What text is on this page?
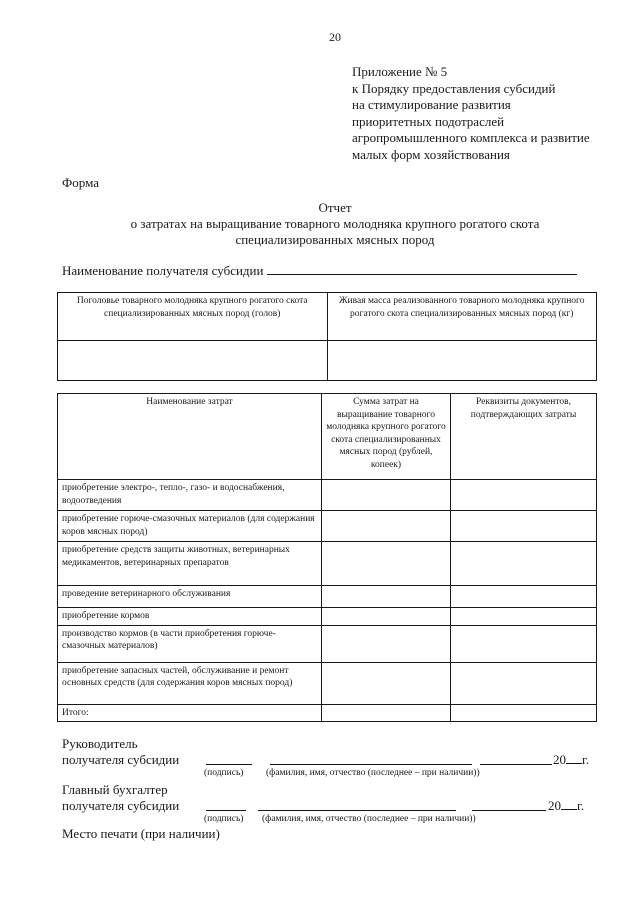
20
Приложение № 5
к Порядку предоставления субсидий
на стимулирование развития
приоритетных подотраслей
агропромышленного комплекса и развитие
малых форм хозяйствования
Форма
Отчет
о затратах на выращивание товарного молодняка крупного рогатого скота
специализированных мясных пород
Наименование получателя субсидии
Поголовье товарного молодняка крупного рогатого скота специализированных мясных пород (голов)	Живая масса реализованного товарного молодняка крупного рогатого скота специализированных мясных пород (кг)

Наименование затрат	Сумма затрат на выращивание товарного молодняка крупного рогатого скота специализированных мясных пород (рублей, копеек)	Реквизиты документов, подтверждающих затраты
приобретение электро-, тепло-, газо- и водоснабжения, водоотведения		
приобретение горюче-смазочных материалов (для содержания коров мясных пород)		
приобретение средств защиты животных, ветеринарных медикаментов, ветеринарных препаратов		
проведение ветеринарного обслуживания		
приобретение кормов		
производство кормов (в части приобретения горюче-смазочных материалов)		
приобретение запасных частей, обслуживание и ремонт основных средств (для содержания коров мясных пород)		
Итого:		
Руководитель
получателя субсидии	20 г.
(подпись) (фамилия, имя, отчество (последнее – при наличии))
Главный бухгалтер
получателя субсидии	20 г.
(подпись) (фамилия, имя, отчество (последнее – при наличии))
Место печати (при наличии)
